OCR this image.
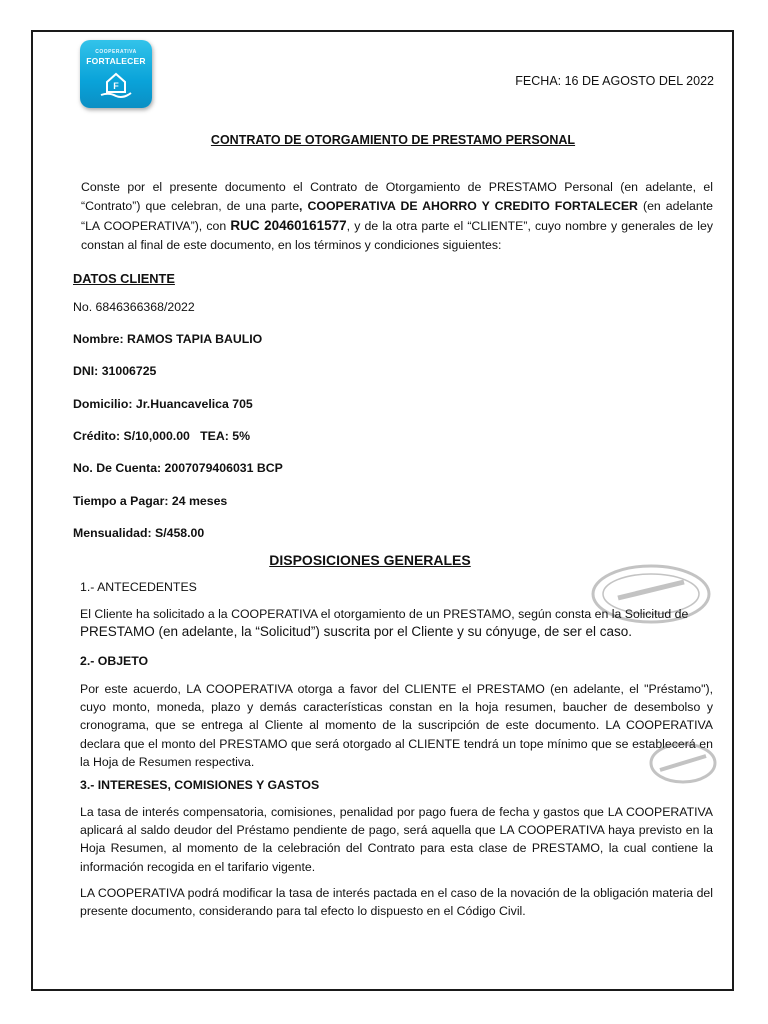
COOPERATIVA
FORTALECER
F	FECHA: 16 DE AGOSTO DEL 2022
CONTRATO DE OTORGAMIENTO DE PRESTAMO PERSONAL
Conste por el presente documento el Contrato de Otorgamiento de PRESTAMO Personal (en adelante, el “Contrato”) que celebran, de una parte, COOPERATIVA DE AHORRO Y CREDITO FORTALECER (en adelante “LA COOPERATIVA”), con RUC 20460161577, y de la otra parte el “CLIENTE”, cuyo nombre y generales de ley constan al final de este documento, en los términos y condiciones siguientes:
DATOS CLIENTE
No. 6846366368/2022
Nombre: RAMOS TAPIA BAULIO
DNI: 31006725
Domicilio: Jr.Huancavelica 705
Crédito: S/10,000.00   TEA: 5%
No. De Cuenta: 2007079406031 BCP
Tiempo a Pagar: 24 meses
Mensualidad: S/458.00
DISPOSICIONES GENERALES
1.- ANTECEDENTES
El Cliente ha solicitado a la COOPERATIVA el otorgamiento de un PRESTAMO, según consta en la Solicitud de
PRESTAMO (en adelante, la “Solicitud”) suscrita por el Cliente y su cónyuge, de ser el caso.
2.- OBJETO
Por este acuerdo, LA COOPERATIVA otorga a favor del CLIENTE el PRESTAMO (en adelante, el "Préstamo"), cuyo monto, moneda, plazo y demás características constan en la hoja resumen, baucher de desembolso y cronograma, que se entrega al Cliente al momento de la suscripción de este documento. LA COOPERATIVA declara que el monto del PRESTAMO que será otorgado al CLIENTE tendrá un tope mínimo que se establecerá en la Hoja de Resumen respectiva.
3.- INTERESES, COMISIONES Y GASTOS
La tasa de interés compensatoria, comisiones, penalidad por pago fuera de fecha y gastos que LA COOPERATIVA aplicará al saldo deudor del Préstamo pendiente de pago, será aquella que LA COOPERATIVA haya previsto en la Hoja Resumen, al momento de la celebración del Contrato para esta clase de PRESTAMO, la cual contiene la información recogida en el tarifario vigente.
LA COOPERATIVA podrá modificar la tasa de interés pactada en el caso de la novación de la obligación materia del presente documento, considerando para tal efecto lo dispuesto en el Código Civil.
